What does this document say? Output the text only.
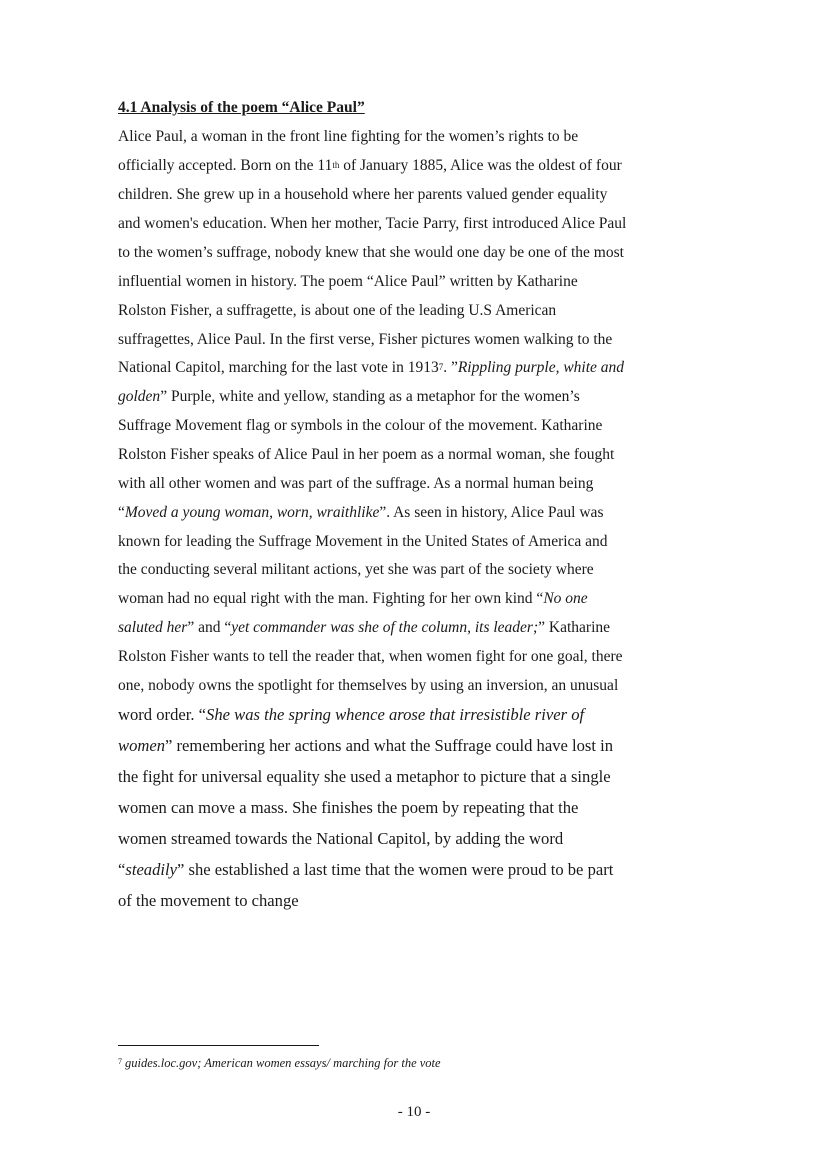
4.1 Analysis of the poem “Alice Paul”
Alice Paul, a woman in the front line fighting for the women’s rights to be
officially accepted. Born on the 11th of January 1885, Alice was the oldest of four
children. She grew up in a household where her parents valued gender equality
and women's education. When her mother, Tacie Parry, first introduced Alice Paul
to the women’s suffrage, nobody knew that she would one day be one of the most
influential women in history. The poem “Alice Paul” written by Katharine
Rolston Fisher, a suffragette, is about one of the leading U.S American
suffragettes, Alice Paul. In the first verse, Fisher pictures women walking to the
National Capitol, marching for the last vote in 1913$^7$. ”Rippling purple, white and
golden” Purple, white and yellow, standing as a metaphor for the women’s
Suffrage Movement flag or symbols in the colour of the movement. Katharine
Rolston Fisher speaks of Alice Paul in her poem as a normal woman, she fought
with all other women and was part of the suffrage. As a normal human being
“Moved a young woman, worn, wraithlike”. As seen in history, Alice Paul was
known for leading the Suffrage Movement in the United States of America and
the conducting several militant actions, yet she was part of the society where
woman had no equal right with the man. Fighting for her own kind “No one
saluted her” and “yet commander was she of the column, its leader;” Katharine
Rolston Fisher wants to tell the reader that, when women fight for one goal, there
one, nobody owns the spotlight for themselves by using an inversion, an unusual
word order. “She was the spring whence arose that irresistible river of
women” remembering her actions and what the Suffrage could have lost in
the fight for universal equality she used a metaphor to picture that a single
women can move a mass. She finishes the poem by repeating that the
women streamed towards the National Capitol, by adding the word
“steadily” she established a last time that the women were proud to be part
of the movement to change
$^7$ guides.loc.gov; American women essays/ marching for the vote
- 10 -
